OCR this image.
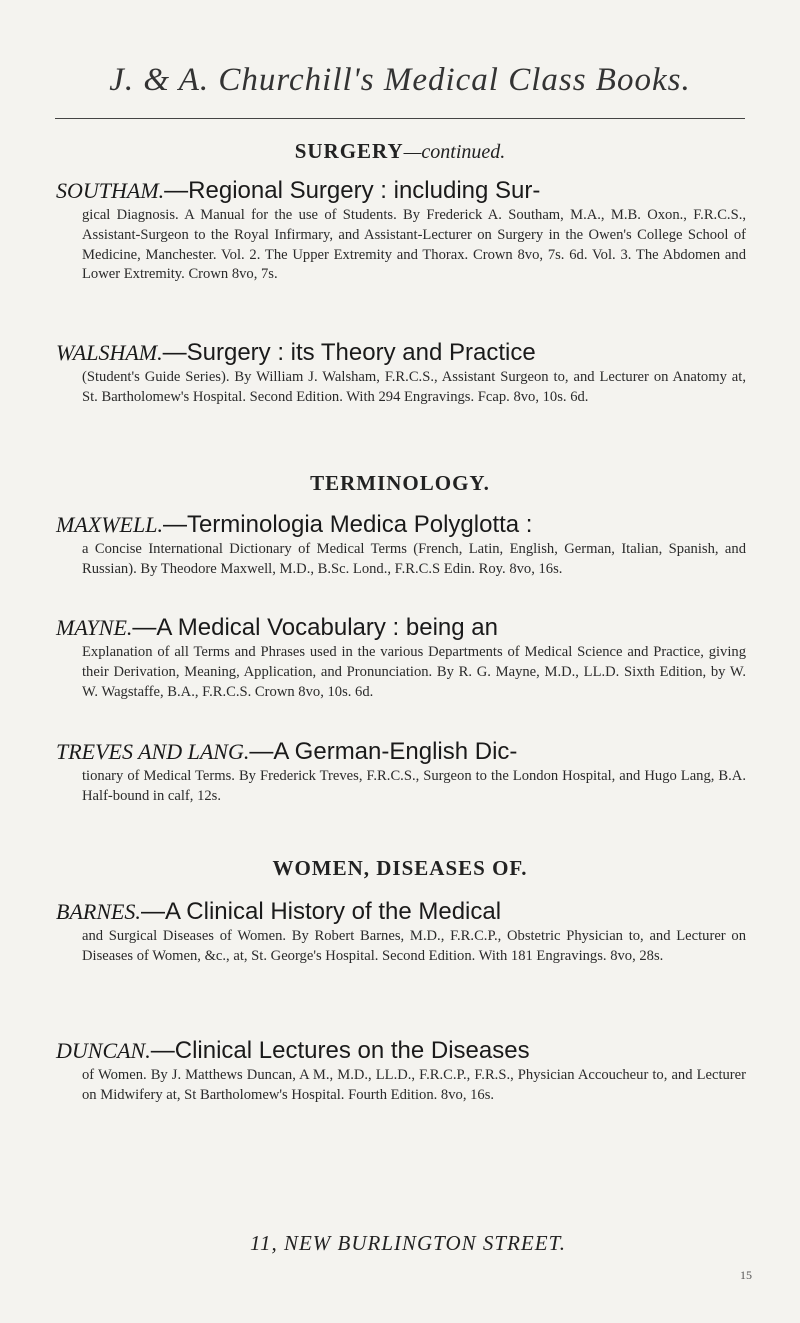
J. & A. Churchill's Medical Class Books.
SURGERY—continued.
SOUTHAM.—Regional Surgery : including Sur-
gical Diagnosis. A Manual for the use of Students. By Frederick A. Southam, M.A., M.B. Oxon., F.R.C.S., Assistant-Surgeon to the Royal Infirmary, and Assistant-Lecturer on Surgery in the Owen's College School of Medicine, Manchester. Vol. 2. The Upper Extremity and Thorax. Crown 8vo, 7s. 6d. Vol. 3. The Abdomen and Lower Extremity. Crown 8vo, 7s.
WALSHAM.—Surgery : its Theory and Practice
(Student's Guide Series). By William J. Walsham, F.R.C.S., Assistant Surgeon to, and Lecturer on Anatomy at, St. Bartholomew's Hospital. Second Edition. With 294 Engravings. Fcap. 8vo, 10s. 6d.
TERMINOLOGY.
MAXWELL.—Terminologia Medica Polyglotta :
a Concise International Dictionary of Medical Terms (French, Latin, English, German, Italian, Spanish, and Russian). By Theodore Maxwell, M.D., B.Sc. Lond., F.R.C.S Edin. Roy. 8vo, 16s.
MAYNE.—A Medical Vocabulary : being an
Explanation of all Terms and Phrases used in the various Departments of Medical Science and Practice, giving their Derivation, Meaning, Application, and Pronunciation. By R. G. Mayne, M.D., LL.D. Sixth Edition, by W. W. Wagstaffe, B.A., F.R.C.S. Crown 8vo, 10s. 6d.
TREVES AND LANG.—A German-English Dic-
tionary of Medical Terms. By Frederick Treves, F.R.C.S., Surgeon to the London Hospital, and Hugo Lang, B.A. Half-bound in calf, 12s.
WOMEN, DISEASES OF.
BARNES.—A Clinical History of the Medical
and Surgical Diseases of Women. By Robert Barnes, M.D., F.R.C.P., Obstetric Physician to, and Lecturer on Diseases of Women, &c., at, St. George's Hospital. Second Edition. With 181 Engravings. 8vo, 28s.
DUNCAN.—Clinical Lectures on the Diseases
of Women. By J. Matthews Duncan, A M., M.D., LL.D., F.R.C.P., F.R.S., Physician Accoucheur to, and Lecturer on Midwifery at, St Bartholomew's Hospital. Fourth Edition. 8vo, 16s.
11, NEW BURLINGTON STREET.
15
